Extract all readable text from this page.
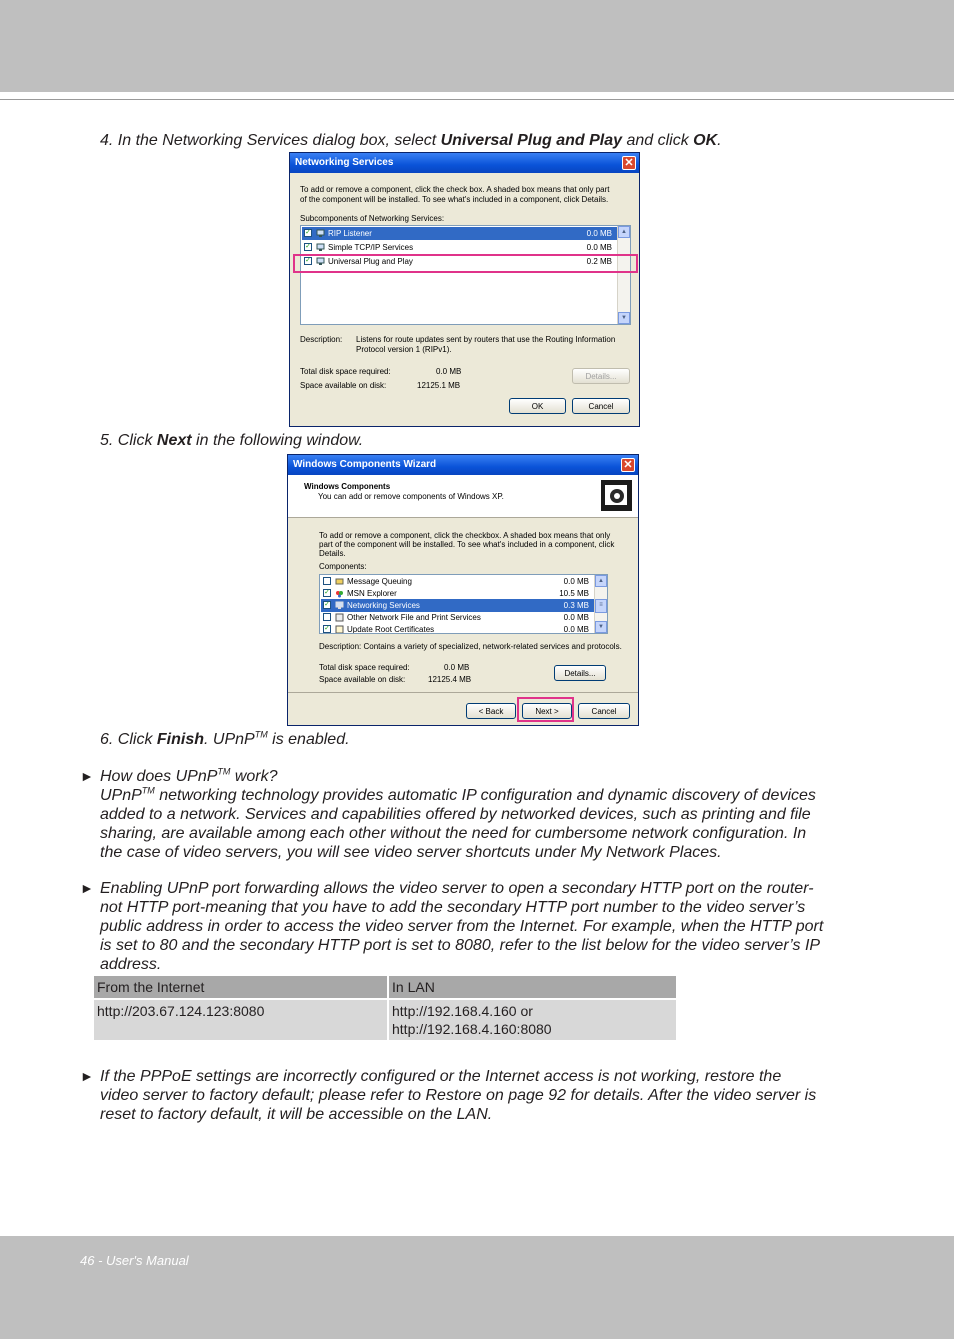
4. In the Networking Services dialog box, select Universal Plug and Play and click OK.
Networking Services	✕
To add or remove a component, click the check box. A shaded box means that only part
of the component will be installed. To see what's included in a component, click Details.
Subcomponents of Networking Services:
✓ RIP Listener	0.0 MB
✓ Simple TCP/IP Services	0.0 MB
✓ Universal Plug and Play	0.2 MB
▲
▼
Description: Listens for route updates sent by routers that use the Routing Information
Protocol version 1 (RIPv1).
Total disk space required:	0.0 MB
Space available on disk:	12125.1 MB
Details...
OK	Cancel
5. Click Next in the following window.
Windows Components Wizard	✕
Windows Components
You can add or remove components of Windows XP.
To add or remove a component, click the checkbox. A shaded box means that only
part of the component will be installed. To see what's included in a component, click
Details.
Components:
Message Queuing	0.0 MB
✓ MSN Explorer	10.5 MB
✓ Networking Services	0.3 MB
Other Network File and Print Services	0.0 MB
✓ Update Root Certificates	0.0 MB
▲
≡
▼
Description: Contains a variety of specialized, network-related services and protocols.
Total disk space required:	0.0 MB
Space available on disk:	12125.4 MB
Details...
< Back	Next >	Cancel
6. Click Finish. UPnP™ is enabled.
► How does UPnP™ work?
UPnP™ networking technology provides automatic IP configuration and dynamic discovery of devices
added to a network. Services and capabilities offered by networked devices, such as printing and file
sharing, are available among each other without the need for cumbersome network configuration. In
the case of video servers, you will see video server shortcuts under My Network Places.
► Enabling UPnP port forwarding allows the video server to open a secondary HTTP port on the router-
not HTTP port-meaning that you have to add the secondary HTTP port number to the video server’s
public address in order to access the video server from the Internet. For example, when the HTTP port
is set to 80 and the secondary HTTP port is set to 8080, refer to the list below for the video server’s IP
address.
From the Internet	In LAN
http://203.67.124.123:8080	http://192.168.4.160 or
http://192.168.4.160:8080
► If the PPPoE settings are incorrectly configured or the Internet access is not working, restore the
video server to factory default; please refer to Restore on page 92 for details. After the video server is
reset to factory default, it will be accessible on the LAN.
46 - User's Manual
